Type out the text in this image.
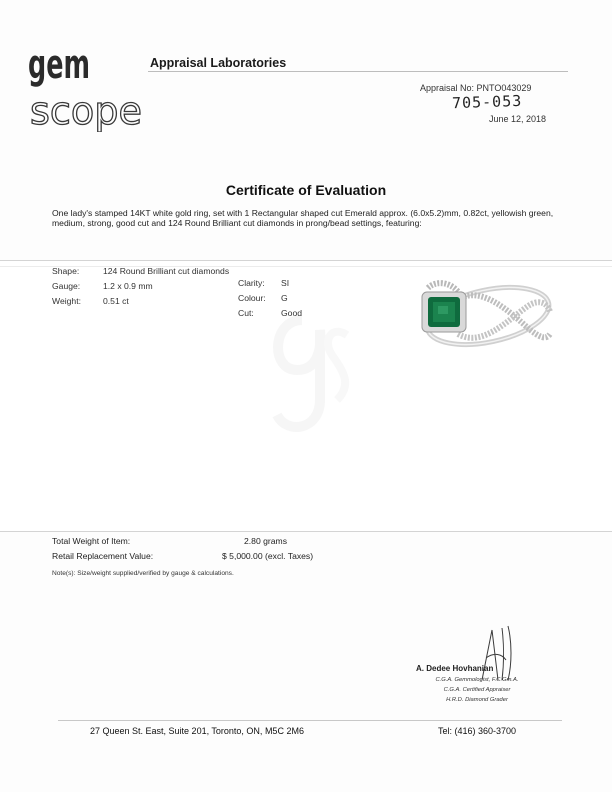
gem
scope
Appraisal Laboratories
Appraisal No: PNTO043029
705-053
June 12, 2018
Certificate of Evaluation
One lady's stamped 14KT white gold ring, set with 1 Rectangular shaped cut Emerald approx. (6.0x5.2)mm, 0.82ct, yellowish green, medium, strong, good cut and 124 Round Brilliant cut diamonds in prong/bead settings, featuring:
Shape:	124 Round Brilliant cut diamonds
Gauge:	1.2 x 0.9 mm
Weight:	0.51 ct
Clarity: SI
Colour: G
Cut:	Good
Total Weight of Item:	2.80 grams
Retail Replacement Value:	$ 5,000.00 (excl. Taxes)
Note(s): Size/weight supplied/verified by gauge & calculations.
A. Dedee Hovhanian
C.G.A. Gemmologist, F.C.Gm.A.
C.G.A. Certified Appraiser
H.R.D. Diamond Grader
27 Queen St. East, Suite 201, Toronto, ON, M5C 2M6	Tel: (416) 360-3700
